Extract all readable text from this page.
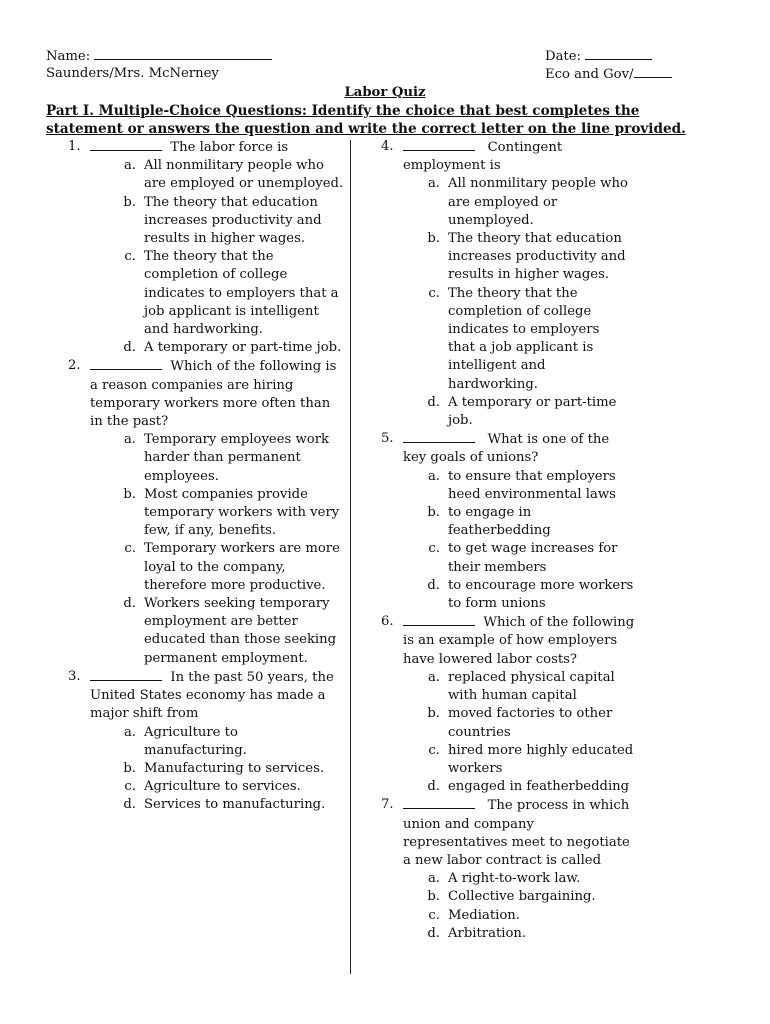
Name:	Date:
Saunders/Mrs. McNerney	Eco and Gov/
Labor Quiz
Part I. Multiple-Choice Questions: Identify the choice that best completes the statement or answers the question and write the correct letter on the line provided.
1.	The labor force is
a. All nonmilitary people who are employed or unemployed.
b. The theory that education increases productivity and results in higher wages.
c. The theory that the completion of college indicates to employers that a job applicant is intelligent and hardworking.
d. A temporary or part-time job.
2.	Which of the following is a reason companies are hiring temporary workers more often than in the past?
a. Temporary employees work harder than permanent employees.
b. Most companies provide temporary workers with very few, if any, benefits.
c. Temporary workers are more loyal to the company, therefore more productive.
d. Workers seeking temporary employment are better educated than those seeking permanent employment.
3.	In the past 50 years, the United States economy has made a major shift from
a. Agriculture to manufacturing.
b. Manufacturing to services.
c. Agriculture to services.
d. Services to manufacturing.
4.	Contingent employment is
a. All nonmilitary people who are employed or unemployed.
b. The theory that education increases productivity and results in higher wages.
c. The theory that the completion of college indicates to employers that a job applicant is intelligent and hardworking.
d. A temporary or part-time job.
5.	What is one of the key goals of unions?
a. to ensure that employers heed environmental laws
b. to engage in featherbedding
c. to get wage increases for their members
d. to encourage more workers to form unions
6.	Which of the following is an example of how employers have lowered labor costs?
a. replaced physical capital with human capital
b. moved factories to other countries
c. hired more highly educated workers
d. engaged in featherbedding
7.	The process in which union and company representatives meet to negotiate a new labor contract is called
a. A right-to-work law.
b. Collective bargaining.
c. Mediation.
d. Arbitration.
